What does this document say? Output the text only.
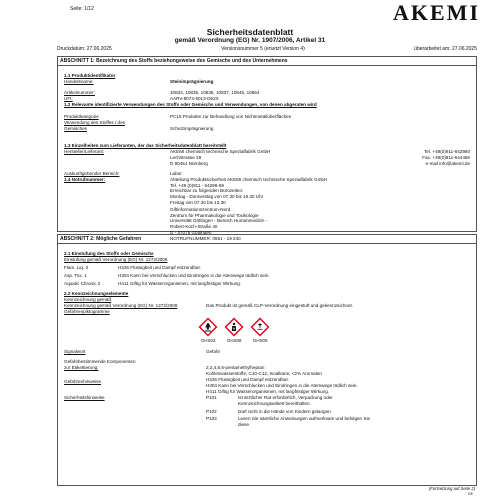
Seite: 1/12	AKEMI
Sicherheitsdatenblatt
gemäß Verordnung (EG) Nr. 1907/2006, Artikel 31
Druckdatum: 27.06.2025	Versionsnummer 5 (ersetzt Version 4)	überarbeitet am: 27.06.2025
ABSCHNITT 1: Bezeichnung des Stoffs beziehungsweise des Gemischs und des Unternehmens
1.1 Produktidentifikator
Handelsname:	Steinimprägnierung
Artikelnummer:	10834, 10835, 10836, 10837, 10845, 10864
UFI:	AARV-8074-5013-D52X
1.2 Relevante identifizierte Verwendungen des Stoffs oder Gemischs und Verwendungen, von denen abgeraten wird
Produktkategorie	PC15 Produkte zur Behandlung von Nichtmetalloberflächen
Verwendung des Stoffes / des Gemisches	Schutzimprägnierung
1.3 Einzelheiten zum Lieferanten, der das Sicherheitsdatenblatt bereitstellt
Hersteller/Lieferant:	AKEMI chemisch technische Spezialfabrik GmbH
Lechstrasse 28
D 90451 Nürnberg
Tel. +49(0)911-642960
Fax. +49(0)911-644456
e-mail info@akemi.de
Auskunftgebender Bereich:	Labor
1.4 Notrufnummer:	Abteilung Produktsicherheit AKEMI chemisch technische Spezialfabrik GmbH
Tel. +49 (0)911 - 64296-59
Erreichbar zu folgenden Bürozeiten:
Montag - Donnerstag von 07.30 bis 16.30 Uhr
Freitag von 07.30 bis 13.30
Giftinformationszentrum-Nord
Zentrum für Pharmakologie und Toxikologie
Universität Göttingen - Bereich Humanmedizin -
Robert-Koch-Straße 40
D - 37075 Göttingen
NOTRUFNUMMER: 0551 - 19 240
ABSCHNITT 2: Mögliche Gefahren
2.1 Einstufung des Stoffs oder Gemischs
Einstufung gemäß Verordnung (EG) Nr. 1272/2008
Flam. Liq. 3	H226 Flüssigkeit und Dampf entzündbar.
Asp. Tox. 1	H304 Kann bei Verschlucken und Eindringen in die Atemwege tödlich sein.
Aquatic Chronic 2	H411 Giftig für Wasserorganismen, mit langfristiger Wirkung.
2.2 Kennzeichnungselemente
Kennzeichnung gemäß
Kennzeichnung gemäß Verordnung (EG) Nr. 1272/2008	Das Produkt ist gemäß CLP-Verordnung eingestuft und gekennzeichnet.
Gefahrenpiktogramme
GHS02	GHS08	GHS09
Signalwort	Gefahr
Gefahrbestimmende Komponenten
zur Etikettierung:	2,2,4,6,6-pentamethylheptan
Kohlenwasserstoffe, C10-C12, Isoalkane, <2% Aromaten
Gefahrenhinweise	H226 Flüssigkeit und Dampf entzündbar.
H304 Kann bei Verschlucken und Eindringen in die Atemwege tödlich sein.
H411 Giftig für Wasserorganismen, mit langfristiger Wirkung.
Sicherheitshinweise	P101	Ist ärztlicher Rat erforderlich, Verpackung oder
Kennzeichnungsetikett bereithalten.
P102	Darf nicht in die Hände von Kindern gelangen.
P103	Lesen Sie sämtliche Anweisungen aufmerksam und befolgen Sie
diese.
(Fortsetzung auf Seite 2)
DE
